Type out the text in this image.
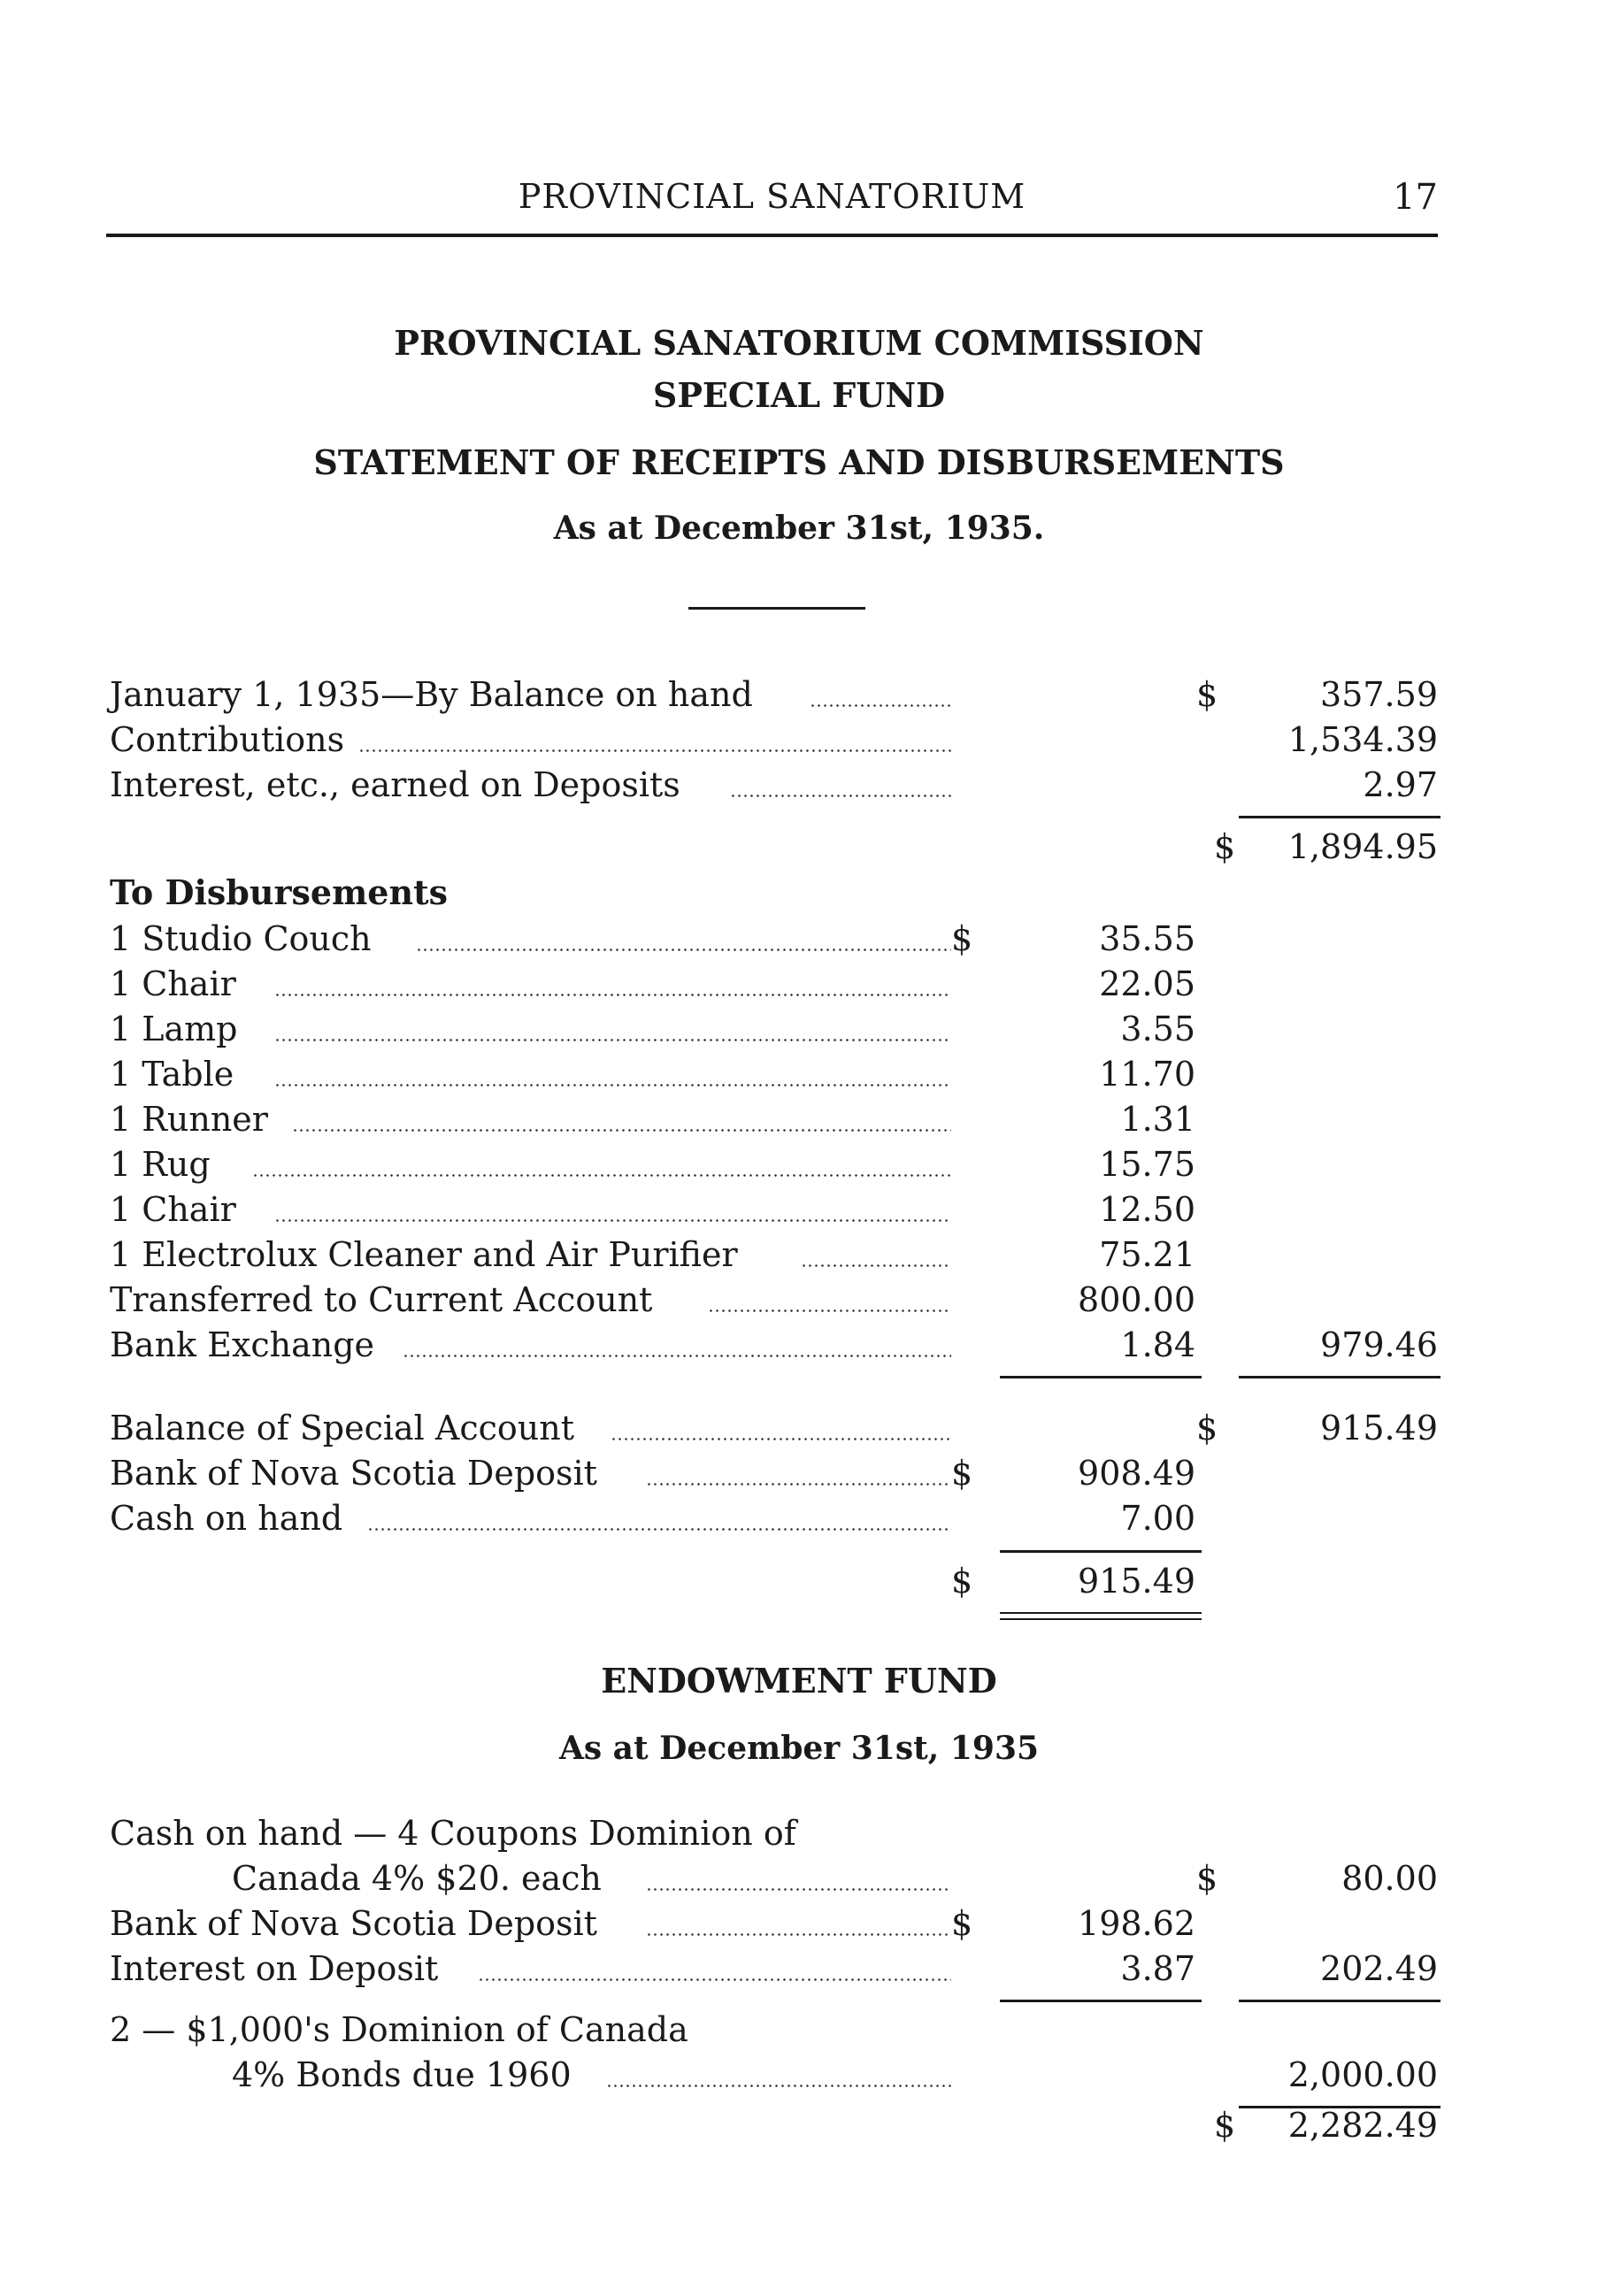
PROVINCIAL SANATORIUM	17
PROVINCIAL SANATORIUM COMMISSION
SPECIAL FUND
STATEMENT OF RECEIPTS AND DISBURSEMENTS
As at December 31st, 1935.
January 1, 1935—By Balance on hand	$	357.59
Contributions	1,534.39
Interest, etc., earned on Deposits	2.97
$ 1,894.95
To Disbursements
1 Studio Couch	$	35.55
1 Chair	22.05
1 Lamp	3.55
1 Table	11.70
1 Runner	1.31
1 Rug	15.75
1 Chair	12.50
1 Electrolux Cleaner and Air Purifier	75.21
Transferred to Current Account	800.00
Bank Exchange	1.84	979.46
Balance of Special Account	$	915.49
Bank of Nova Scotia Deposit	$	908.49
Cash on hand	7.00
$	915.49
ENDOWMENT FUND
As at December 31st, 1935
Cash on hand — 4 Coupons Dominion of
Canada 4% $20. each	$	80.00
Bank of Nova Scotia Deposit	$	198.62
Interest on Deposit	3.87	202.49
2 — $1,000's Dominion of Canada
4% Bonds due 1960	2,000.00
$ 2,282.49
